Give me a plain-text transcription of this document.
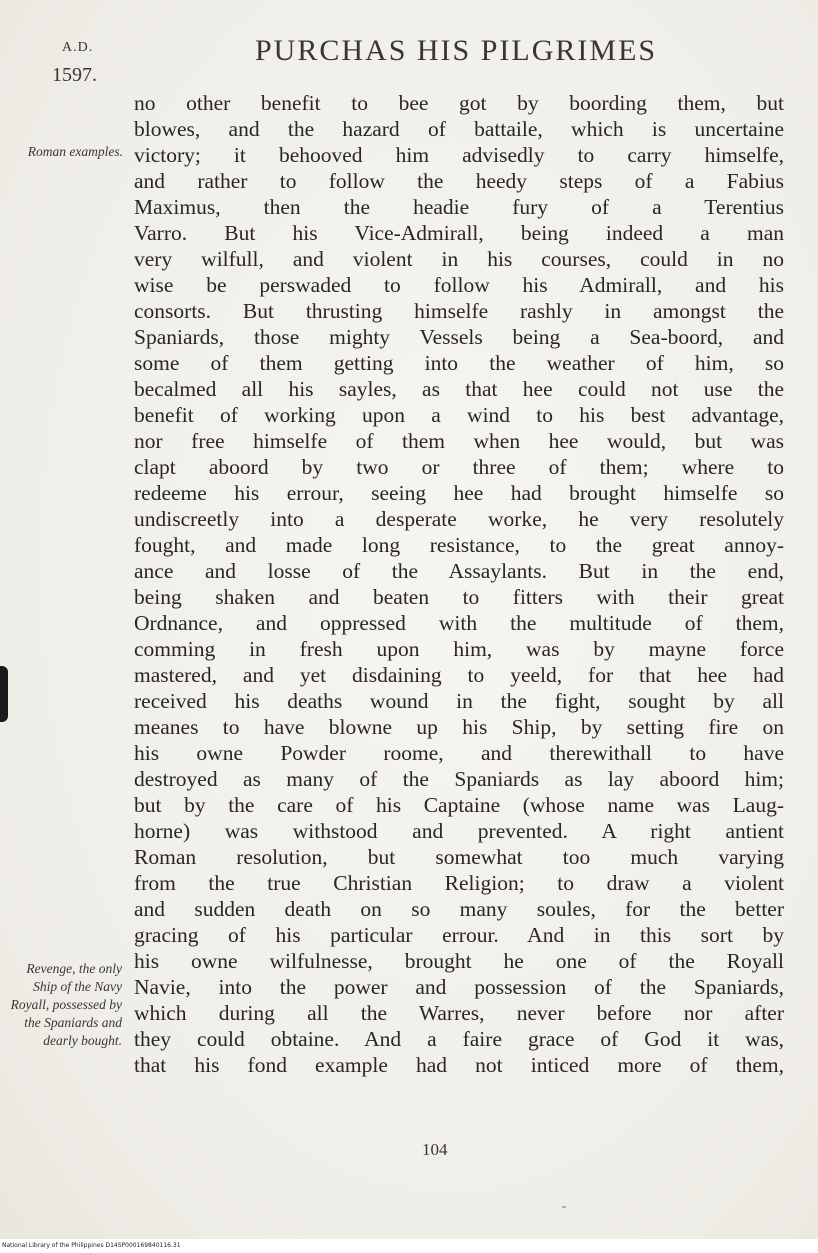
A.D.
1597.
PURCHAS HIS PILGRIMES
Roman examples.
Revenge, the only Ship of the Navy Royall, possessed by the Spaniards and dearly bought.
no other benefit to bee got by boording them, but
blowes, and the hazard of battaile, which is uncertaine
victory; it behooved him advisedly to carry himselfe,
and rather to follow the heedy steps of a Fabius
Maximus, then the headie fury of a Terentius
Varro. But his Vice-Admirall, being indeed a man
very wilfull, and violent in his courses, could in no
wise be perswaded to follow his Admirall, and his
consorts. But thrusting himselfe rashly in amongst the
Spaniards, those mighty Vessels being a Sea-boord, and
some of them getting into the weather of him, so
becalmed all his sayles, as that hee could not use the
benefit of working upon a wind to his best advantage,
nor free himselfe of them when hee would, but was
clapt aboord by two or three of them; where to
redeeme his errour, seeing hee had brought himselfe so
undiscreetly into a desperate worke, he very resolutely
fought, and made long resistance, to the great annoy-
ance and losse of the Assaylants. But in the end,
being shaken and beaten to fitters with their great
Ordnance, and oppressed with the multitude of them,
comming in fresh upon him, was by mayne force
mastered, and yet disdaining to yeeld, for that hee had
received his deaths wound in the fight, sought by all
meanes to have blowne up his Ship, by setting fire on
his owne Powder roome, and therewithall to have
destroyed as many of the Spaniards as lay aboord him;
but by the care of his Captaine (whose name was Laug-
horne) was withstood and prevented. A right antient
Roman resolution, but somewhat too much varying
from the true Christian Religion; to draw a violent
and sudden death on so many soules, for the better
gracing of his particular errour. And in this sort by
his owne wilfulnesse, brought he one of the Royall
Navie, into the power and possession of the Spaniards,
which during all the Warres, never before nor after
they could obtaine. And a faire grace of God it was,
that his fond example had not inticed more of them,
104
National Library of the Philippines D14SP000169840116.31
